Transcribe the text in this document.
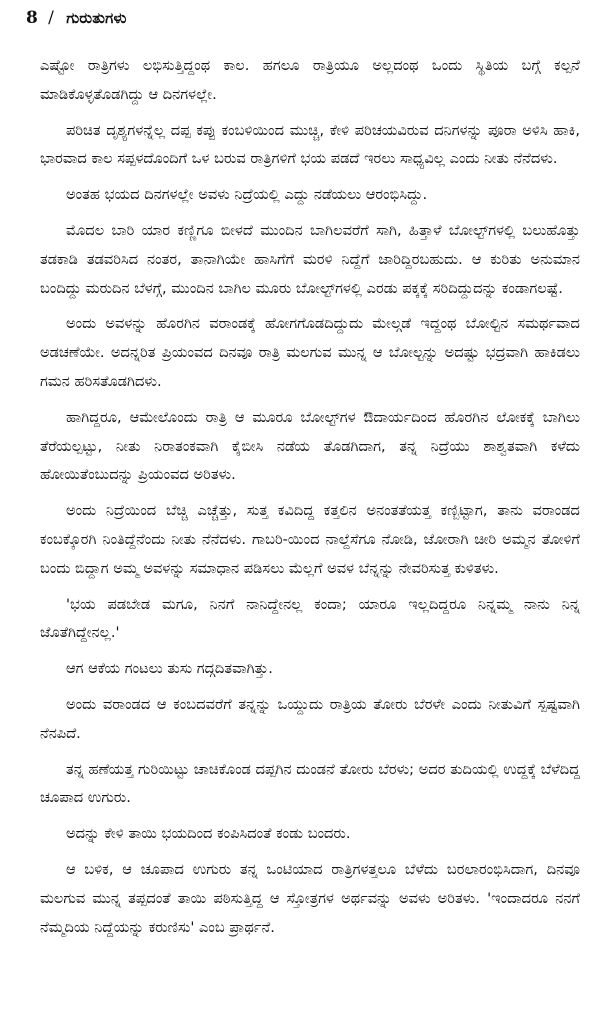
8 / ಗುರುತುಗಳು

ಎಷ್ಟೋ ರಾತ್ರಿಗಳು ಲಭಿಸುತ್ತಿದ್ದಂಥ ಕಾಲ. ಹಗಲೂ ರಾತ್ರಿಯೂ ಅಲ್ಲದಂಥ ಒಂದು ಸ್ಥಿತಿಯ ಬಗ್ಗೆ ಕಲ್ಪನೆ ಮಾಡಿಕೊಳ್ಳತೊಡಗಿದ್ದು ಆ ದಿನಗಳಲ್ಲೇ.

ಪರಿಚಿತ ದೃಶ್ಯಗಳನ್ನೆಲ್ಲ ದಪ್ಪ ಕಪ್ಪು ಕಂಬಳಿಯಿಂದ ಮುಚ್ಚಿ, ಕೇಳಿ ಪರಿಚಯವಿರುವ ದನಿಗಳನ್ನು ಪೂರಾ ಅಳಿಸಿ ಹಾಕಿ, ಭಾರವಾದ ಕಾಲ ಸಪ್ಪಳದೊಂದಿಗೆ ಒಳ ಬರುವ ರಾತ್ರಿಗಳಿಗೆ ಭಯ ಪಡದೆ ಇರಲು ಸಾಧ್ಯವಿಲ್ಲ ಎಂದು ನೀತು ನೆನೆದಳು.

ಅಂತಹ ಭಯದ ದಿನಗಳಲ್ಲೇ ಅವಳು ನಿದ್ರೆಯಲ್ಲಿ ಎದ್ದು ನಡೆಯಲು ಆರಂಭಿಸಿದ್ದು.

ಮೊದಲ ಬಾರಿ ಯಾರ ಕಣ್ಣಿಗೂ ಬೀಳದೆ ಮುಂದಿನ ಬಾಗಿಲವರೆಗೆ ಸಾಗಿ, ಹಿತ್ತಾಳೆ ಬೋಲ್ಟ್‌ಗಳಲ್ಲಿ ಬಲುಹೊತ್ತು ತಡಕಾಡಿ ತಡವರಿಸಿದ ನಂತರ, ತಾನಾಗಿಯೇ ಹಾಸಿಗೆಗೆ ಮರಳಿ ನಿದ್ದೆಗೆ ಜಾರಿದ್ದಿರಬಹುದು. ಆ ಕುರಿತು ಅನುಮಾನ ಬಂದಿದ್ದು ಮರುದಿನ ಬೆಳಗ್ಗೆ, ಮುಂದಿನ ಬಾಗಿಲ ಮೂರು ಬೋಲ್ಟ್‌ಗಳಲ್ಲಿ ಎರಡು ಪಕ್ಕಕ್ಕೆ ಸರಿದಿದ್ದುದನ್ನು ಕಂಡಾಗಲಷ್ಟೆ.

ಅಂದು ಅವಳನ್ನು ಹೊರಗಿನ ವರಾಂಡಕ್ಕೆ ಹೋಗಗೊಡದಿದ್ದುದು ಮೇಲ್ಗಡೆ ಇದ್ದಂಥ ಬೋಲ್ಟಿನ ಸಮರ್ಥವಾದ ಅಡಚಣೆಯೇ. ಅದನ್ನರಿತ ಪ್ರಿಯಂವದ ದಿನವೂ ರಾತ್ರಿ ಮಲಗುವ ಮುನ್ನ ಆ ಬೋಲ್ಟನ್ನು ಅದಷ್ಟು ಭದ್ರವಾಗಿ ಹಾಕಿಡಲು ಗಮನ ಹರಿಸತೊಡಗಿದಳು.

ಹಾಗಿದ್ದರೂ, ಆಮೇಲೊಂದು ರಾತ್ರಿ ಆ ಮೂರೂ ಬೋಲ್ಟ್‌ಗಳ ಔದಾರ್ಯದಿಂದ ಹೊರಗಿನ ಲೋಕಕ್ಕೆ ಬಾಗಿಲು ತೆರೆಯಲ್ಪಟ್ಟು, ನೀತು ನಿರಾತಂಕವಾಗಿ ಕೈಬೀಸಿ ನಡೆಯ ತೊಡಗಿದಾಗ, ತನ್ನ ನಿದ್ರೆಯು ಶಾಶ್ವತವಾಗಿ ಕಳೆದು ಹೋಯಿತೆಂಬುದನ್ನು ಪ್ರಿಯಂವದ ಅರಿತಳು.

ಅಂದು ನಿದ್ರೆಯಿಂದ ಬೆಚ್ಚಿ ಎಚ್ಚೆತ್ತು, ಸುತ್ತ ಕವಿದಿದ್ದ ಕತ್ತಲಿನ ಅನಂತತೆಯತ್ತ ಕಣ್ಬಿಟ್ಟಾಗ, ತಾನು ವರಾಂಡದ ಕಂಬಕ್ಕೊರಗಿ ನಿಂತಿದ್ದೆನೆಂದು ನೀತು ನೆನೆದಳು. ಗಾಬರಿ-ಯಿಂದ ನಾಲ್ದೆಸೆಗೂ ನೋಡಿ, ಜೋರಾಗಿ ಚೀರಿ ಅಮ್ಮನ ತೋಳಿಗೆ ಬಂದು ಬಿದ್ದಾಗ ಅಮ್ಮ ಅವಳನ್ನು ಸಮಾಧಾನ ಪಡಿಸಲು ಮೆಲ್ಲಗೆ ಅವಳ ಬೆನ್ನನ್ನು ನೇವರಿಸುತ್ತ ಕುಳಿತಳು.

'ಭಯ ಪಡಬೇಡ ಮಗೂ, ನಿನಗೆ ನಾನಿದ್ದೇನಲ್ಲ ಕಂದಾ; ಯಾರೂ ಇಲ್ಲದಿದ್ದರೂ ನಿನ್ನಮ್ಮ ನಾನು ನಿನ್ನ ಜೊತೆಗಿದ್ದೇನಲ್ಲ.'

ಆಗ ಆಕೆಯ ಗಂಟಲು ತುಸು ಗದ್ಗದಿತವಾಗಿತ್ತು.

ಅಂದು ವರಾಂಡದ ಆ ಕಂಬದವರೆಗೆ ತನ್ನನ್ನು ಒಯ್ದುದು ರಾತ್ರಿಯ ತೋರು ಬೆರಳೇ ಎಂದು ನೀತುವಿಗೆ ಸ್ಪಷ್ಟವಾಗಿ ನೆನಪಿದೆ.

ತನ್ನ ಹಣೆಯತ್ತ ಗುರಿಯಿಟ್ಟು ಚಾಚಿಕೊಂಡ ದಪ್ಪಗಿನ ದುಂಡನೆ ತೋರು ಬೆರಳು; ಅದರ ತುದಿಯಲ್ಲಿ ಉದ್ದಕ್ಕೆ ಬೆಳೆದಿದ್ದ ಚೂಪಾದ ಉಗುರು.

ಅದನ್ನು ಕೇಳಿ ತಾಯಿ ಭಯದಿಂದ ಕಂಪಿಸಿದಂತೆ ಕಂಡು ಬಂದರು.

ಆ ಬಳಿಕ, ಆ ಚೂಪಾದ ಉಗುರು ತನ್ನ ಒಂಟಿಯಾದ ರಾತ್ರಿಗಳತ್ತಲೂ ಬೆಳೆದು ಬರಲಾರಂಭಿಸಿದಾಗ, ದಿನವೂ ಮಲಗುವ ಮುನ್ನ ತಪ್ಪದಂತೆ ತಾಯಿ ಪಠಿಸುತ್ತಿದ್ದ ಆ ಸ್ತೋತ್ರಗಳ ಅರ್ಥವನ್ನು ಅವಳು ಅರಿತಳು. 'ಇಂದಾದರೂ ನನಗೆ ನೆಮ್ಮದಿಯ ನಿದ್ದೆಯನ್ನು ಕರುಣಿಸು' ಎಂಬ ಪ್ರಾರ್ಥನೆ.
